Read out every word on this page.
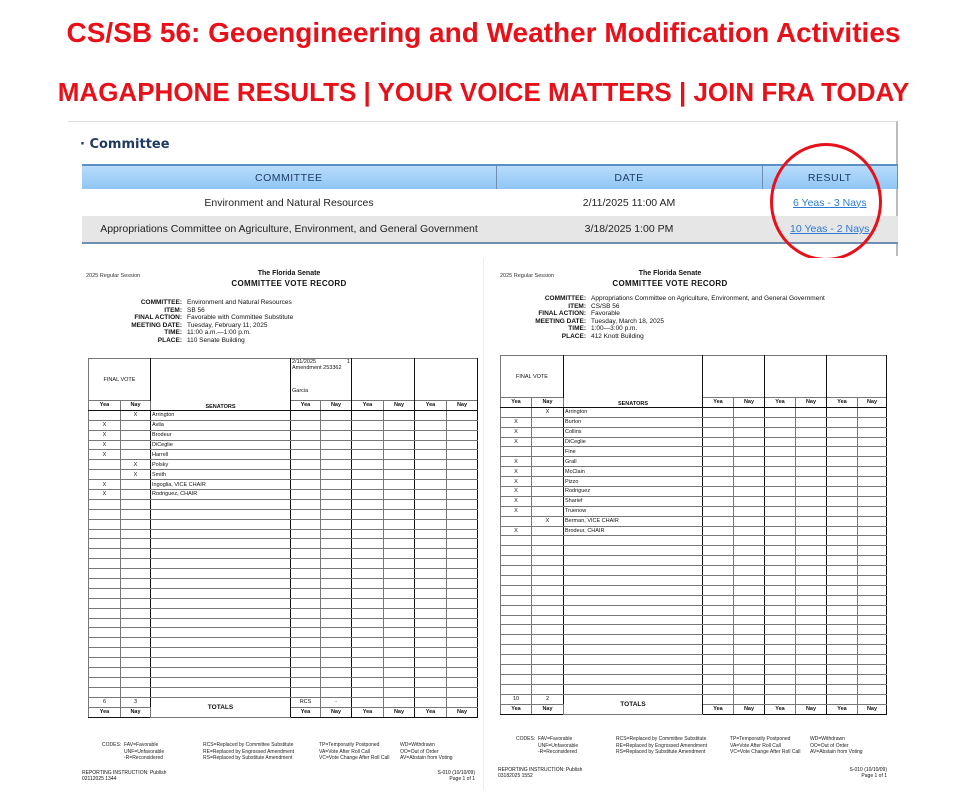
CS/SB 56: Geoengineering and Weather Modification Activities
MAGAPHONE RESULTS | YOUR VOICE MATTERS | JOIN FRA TODAY
· Committee
COMMITTEE	DATE	RESULT
Environment and Natural Resources	2/11/2025 11:00 AM	6 Yeas - 3 Nays
Appropriations Committee on Agriculture, Environment, and General Government	3/18/2025 1:00 PM	10 Yeas - 2 Nays
2025 Regular Session	The Florida Senate
COMMITTEE VOTE RECORD
COMMITTEE: Environment and Natural Resources
ITEM: SB 56
FINAL ACTION: Favorable with Committee Substitute
MEETING DATE: Tuesday, February 11, 2025
TIME: 11:00 a.m.—1:00 p.m.
PLACE: 110 Senate Building
FINAL VOTE		SENATORS	2/11/2025 1
Amendment 253362
Garcia					

Yea	Nay		Yea	Nay	Yea	Nay	Yea	Nay
	X	Arrington						
X		Avila						
X		Brodeur						
X		DiCeglie						
X		Harrell						
	X	Polsky						
	X	Smith						
X		Ingoglia, VICE CHAIR						
X		Rodriguez, CHAIR						

6	3	TOTALS	RCS	-				
Yea	Nay		Yea	Nay	Yea	Nay	Yea	Nay
CODES: FAV=Favorable
UNF=Unfavorable
-R=Reconsidered
RCS=Replaced by Committee Substitute
RE=Replaced by Engrossed Amendment
RS=Replaced by Substitute Amendment
TP=Temporarily Postponed
VA=Vote After Roll Call
VC=Vote Change After Roll Call
WD=Withdrawn
OO=Out of Order
AV=Abstain from Voting
REPORTING INSTRUCTION: Publish
02112025 1344
S-010 (10/10/09)
Page 1 of 1
2025 Regular Session	The Florida Senate
COMMITTEE VOTE RECORD
COMMITTEE: Appropriations Committee on Agriculture, Environment, and General Government
ITEM: CS/SB 56
FINAL ACTION: Favorable
MEETING DATE: Tuesday, March 18, 2025
TIME: 1:00—3:00 p.m.
PLACE: 412 Knott Building
FINAL VOTE		SENATORS						

Yea	Nay		Yea	Nay	Yea	Nay	Yea	Nay
	X	Arrington						
X		Burton						
X		Collins						
X		DiCeglie						
		Fine						
X		Grall						
X		McClain						
X		Pizzo						
X		Rodriguez						
X		Sharief						
X		Truenow						
	X	Berman, VICE CHAIR						
X		Brodeur, CHAIR						

10	2	TOTALS						
Yea	Nay		Yea	Nay	Yea	Nay	Yea	Nay
CODES: FAV=Favorable
UNF=Unfavorable
-R=Reconsidered
RCS=Replaced by Committee Substitute
RE=Replaced by Engrossed Amendment
RS=Replaced by Substitute Amendment
TP=Temporarily Postponed
VA=Vote After Roll Call
VC=Vote Change After Roll Call
WD=Withdrawn
OO=Out of Order
AV=Abstain from Voting
REPORTING INSTRUCTION: Publish
03182025 1552
S-010 (10/10/09)
Page 1 of 1
